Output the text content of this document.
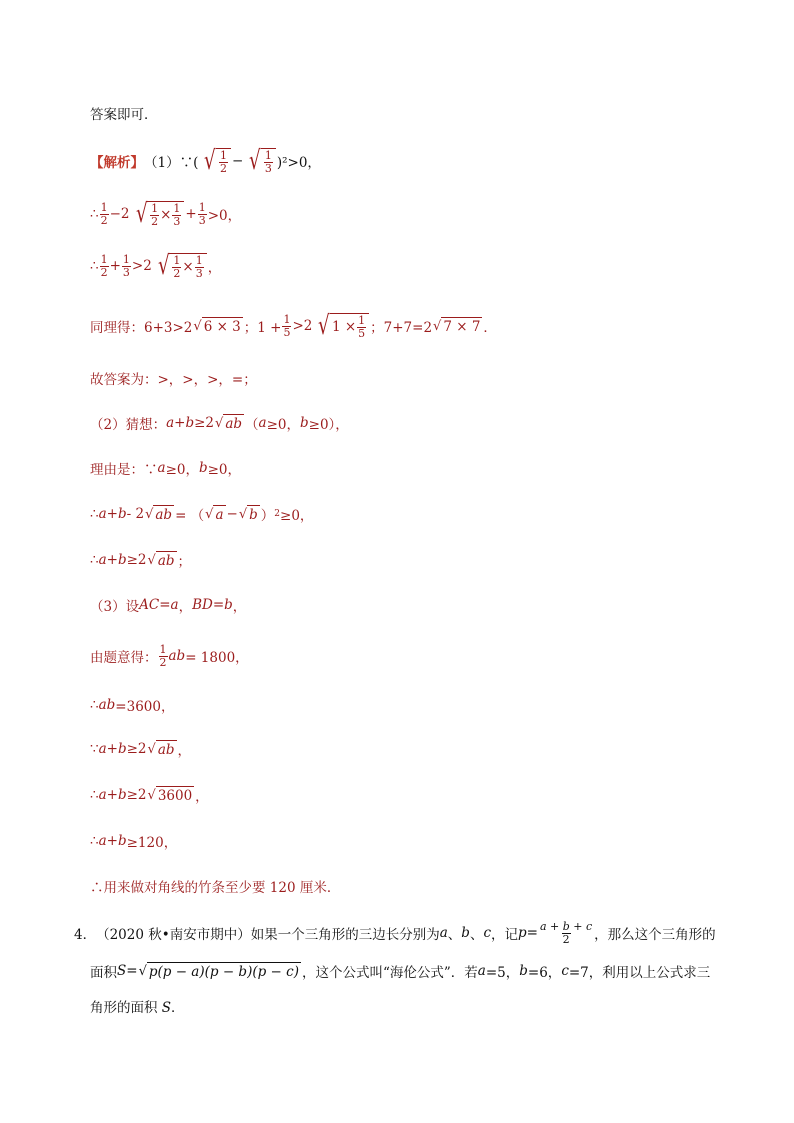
答案即可．
【解析】 （1）∵( √ $\frac{1}{2}$ − √ $\frac{1}{3} )^2>0$，
∴ $\frac{1}{2} -2$ √ $\frac{1}{2} \times \frac{1}{3} + \frac{1}{3} >0$，
∴ $\frac{1}{2} + \frac{1}{3} >2$ √ $\frac{1}{2} \times \frac{1}{3}$ ，
同理得：6+3>2 √ 6 × 3 ；$1 + \frac{1}{5} >2$ √ $1 \times \frac{1}{5}$ ；7+7=2 √ 7 × 7 ．
故答案为：>，>，>，=；
（2）猜想： a+b ≥2 √ ab （ a ≥0， b ≥0），
理由是：∵ a ≥0， b ≥0，
∴ a+b - 2 √ ab = （ √ a − √ b ） 2 ≥0，
∴ a+b ≥2 √ ab ；
（3）设 AC = a ， BD = b ，
由题意得： $\frac{1}{2}$ ab = 1800，
∴ ab =3600，
∵ a+b ≥2 √ ab ，
∴ a+b ≥2 √ 3600 ，
∴ a+b ≥120，
∴用来做对角线的竹条至少要 120 厘米．
4． （2020 秋•南安市期中）如果一个三角形的三边长分别为 a 、 b 、 c ，记 $p = \frac{a + b + c}{2}$ ，那么这个三角形的
面积 S = √ p(p − a)(p − b)(p − c) ，这个公式叫“海伦公式”．若 a =5， b =6， c =7，利用以上公式求三
角形的面积 S．
